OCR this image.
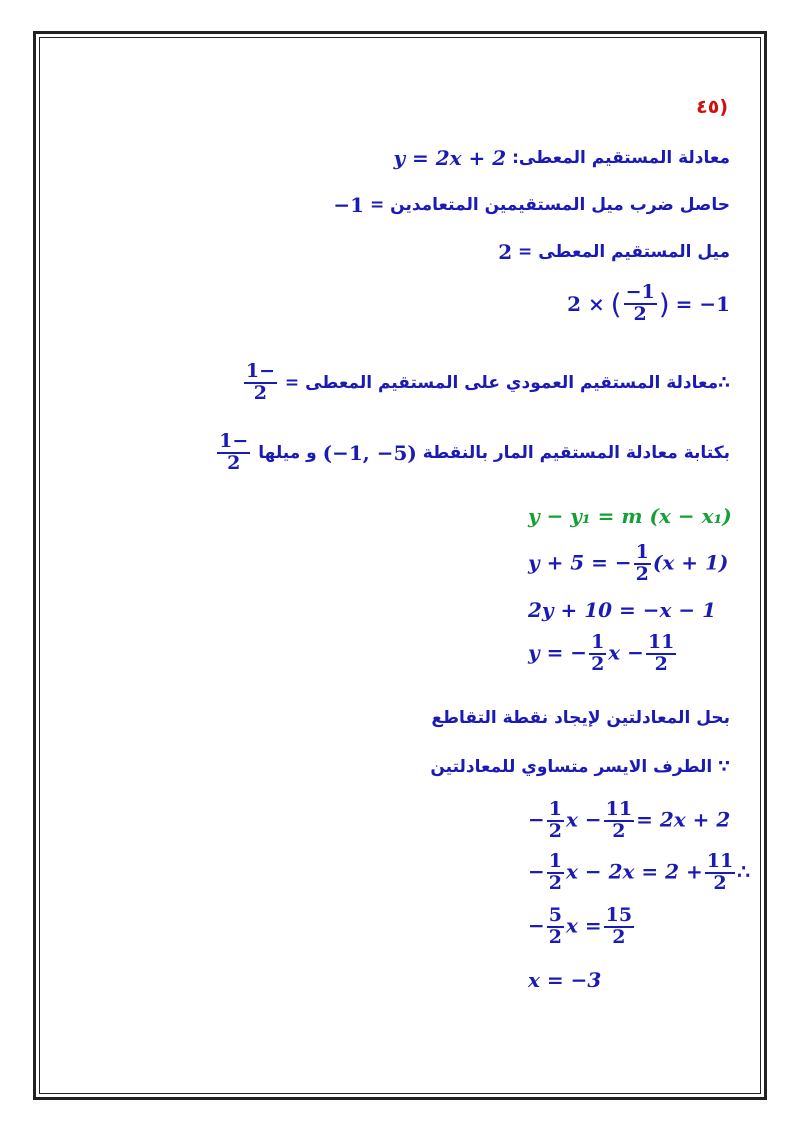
(٤٥
معادلة المستقيم المعطى: y = 2x + 2
حاصل ضرب ميل المستقيمين المتعامدين = −1
ميل المستقيم المعطى = 2
2 × ( $\frac{-1}{2}$ ) = −1
∴معادلة المستقيم العمودي على المستقيم المعطى =
$\frac{-1}{2}$
بكتابة معادلة المستقيم المار بالنقطة (−1, −5) و ميلها
$\frac{-1}{2}$
y − y₁ = m (x − x₁)
y + 5 = − $\frac{1}{2} (x + 1)$
2y + 10 = −x − 1
y = − $\frac{1}{2}$ $x - \frac{11}{2}$
بحل المعادلتين لإيجاد نقطة التقاطع
∵ الطرف الايسر متساوي للمعادلتين
− $\frac{1}{2}$ $x - \frac{11}{2} = 2x + 2$
− $\frac{1}{2}$ $x - 2x = 2 + \frac{11}{2}$ ∴
− $\frac{5}{2}$ $x = \frac{15}{2}$
x = −3
